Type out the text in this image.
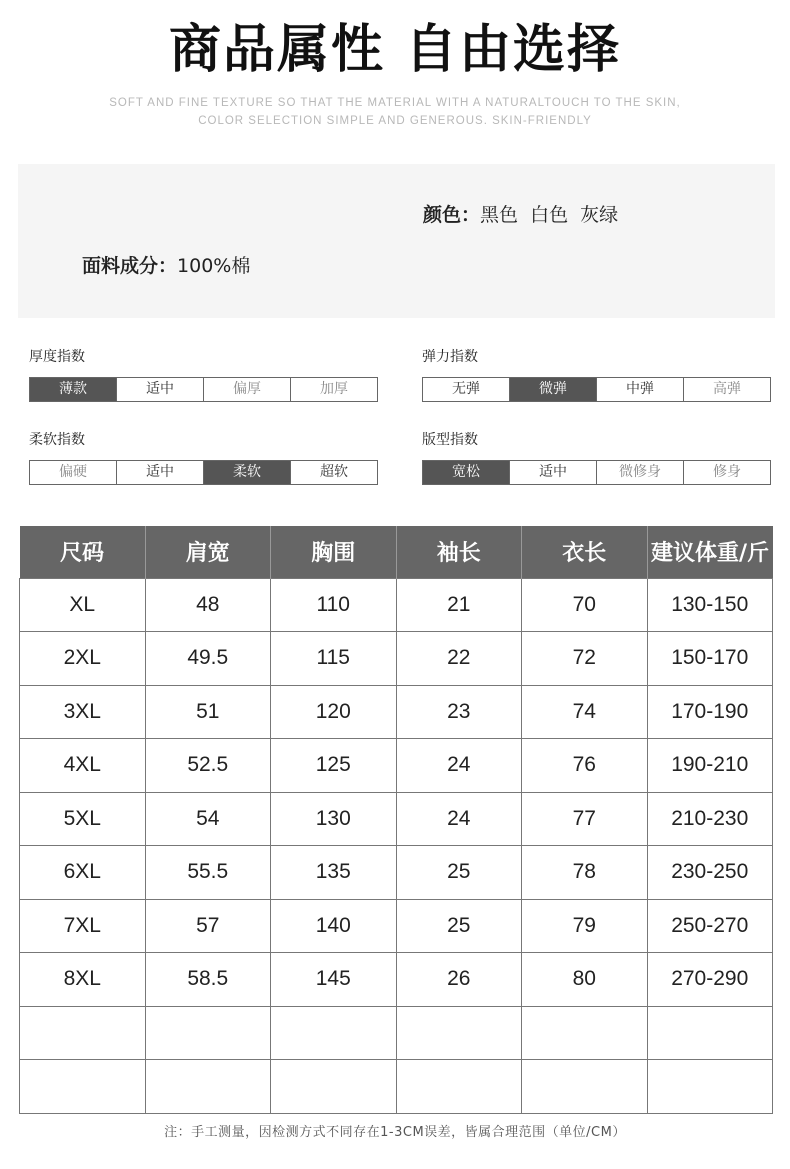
商品属性 自由选择
SOFT AND FINE TEXTURE SO THAT THE MATERIAL WITH A NATURALTOUCH TO THE SKIN,
COLOR SELECTION SIMPLE AND GENEROUS. SKIN-FRIENDLY
颜色：黑色  白色  灰绿
面料成分：100%棉
厚度指数
薄款	适中	偏厚	加厚
弹力指数
无弹	微弹	中弹	高弹
柔软指数
偏硬	适中	柔软	超软
版型指数
宽松	适中	微修身	修身
尺码	肩宽	胸围	袖长	衣长	建议体重/斤
XL	48	110	21	70	130-150
2XL	49.5	115	22	72	150-170
3XL	51	120	23	74	170-190
4XL	52.5	125	24	76	190-210
5XL	54	130	24	77	210-230
6XL	55.5	135	25	78	230-250
7XL	57	140	25	79	250-270
8XL	58.5	145	26	80	270-290

注：手工测量，因检测方式不同存在1-3CM误差，皆属合理范围（单位/CM）
